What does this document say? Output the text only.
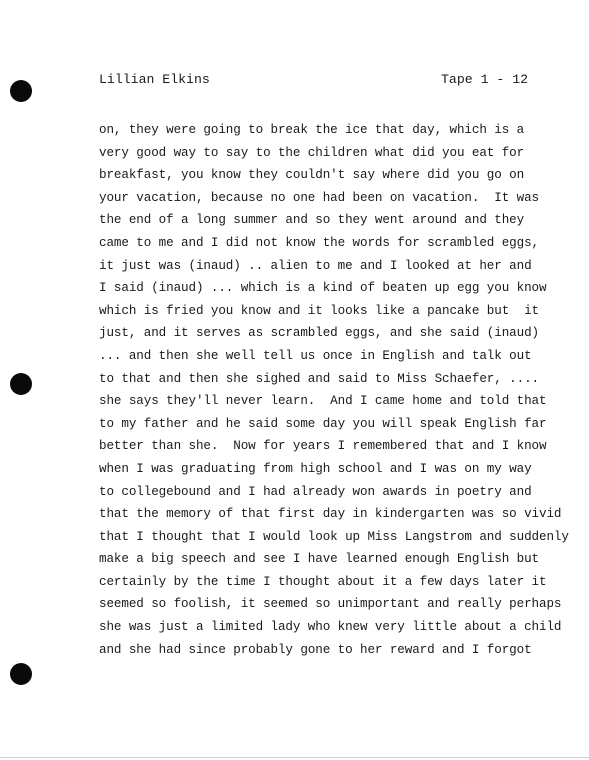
Lillian Elkins	Tape 1 - 12
on, they were going to break the ice that day, which is a
very good way to say to the children what did you eat for
breakfast, you know they couldn't say where did you go on
your vacation, because no one had been on vacation.  It was
the end of a long summer and so they went around and they
came to me and I did not know the words for scrambled eggs,
it just was (inaud) .. alien to me and I looked at her and
I said (inaud) ... which is a kind of beaten up egg you know
which is fried you know and it looks like a pancake but  it
just, and it serves as scrambled eggs, and she said (inaud)
... and then she well tell us once in English and talk out
to that and then she sighed and said to Miss Schaefer, ....
she says they'll never learn.  And I came home and told that
to my father and he said some day you will speak English far
better than she.  Now for years I remembered that and I know
when I was graduating from high school and I was on my way
to collegebound and I had already won awards in poetry and
that the memory of that first day in kindergarten was so vivid
that I thought that I would look up Miss Langstrom and suddenly
make a big speech and see I have learned enough English but
certainly by the time I thought about it a few days later it
seemed so foolish, it seemed so unimportant and really perhaps
she was just a limited lady who knew very little about a child
and she had since probably gone to her reward and I forgot
